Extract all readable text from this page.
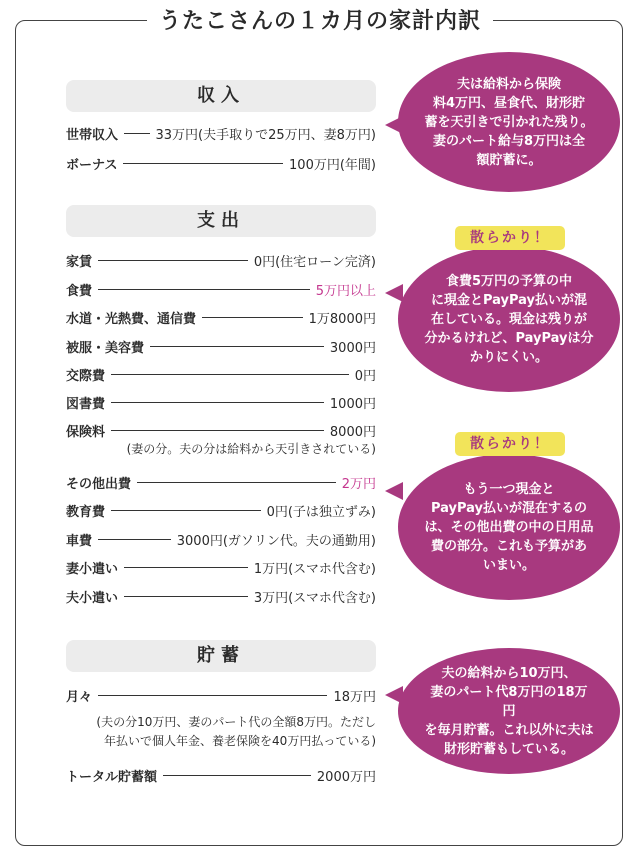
うたこさんの１カ月の家計内訳
収入
世帯収入	33万円(夫手取りで25万円、妻8万円)
ボーナス	100万円(年間)
支出
家賃	0円(住宅ローン完済)
食費	5万円以上
水道・光熱費、通信費	1万8000円
被服・美容費	3000円
交際費	0円
図書費	1000円
保険料	8000円
(妻の分。夫の分は給料から天引きされている)
その他出費	2万円
教育費	0円(子は独立ずみ)
車費	3000円(ガソリン代。夫の通勤用)
妻小遣い	1万円(スマホ代含む)
夫小遣い	3万円(スマホ代含む)
貯蓄
月々	18万円
(夫の分10万円、妻のパート代の全額8万円。ただし
年払いで個人年金、養老保険を40万円払っている)
トータル貯蓄額	2000万円
夫は給料から保険
料4万円、昼食代、財形貯
蓄を天引きで引かれた残り。
妻のパート給与8万円は全
額貯蓄に。
食費5万円の予算の中
に現金とPayPay払いが混
在している。現金は残りが
分かるけれど、PayPayは分
かりにくい。
散らかり！
もう一つ現金と
PayPay払いが混在するの
は、その他出費の中の日用品
費の部分。これも予算があ
いまい。
散らかり！
夫の給料から10万円、
妻のパート代8万円の18万円
を毎月貯蓄。これ以外に夫は
財形貯蓄もしている。
